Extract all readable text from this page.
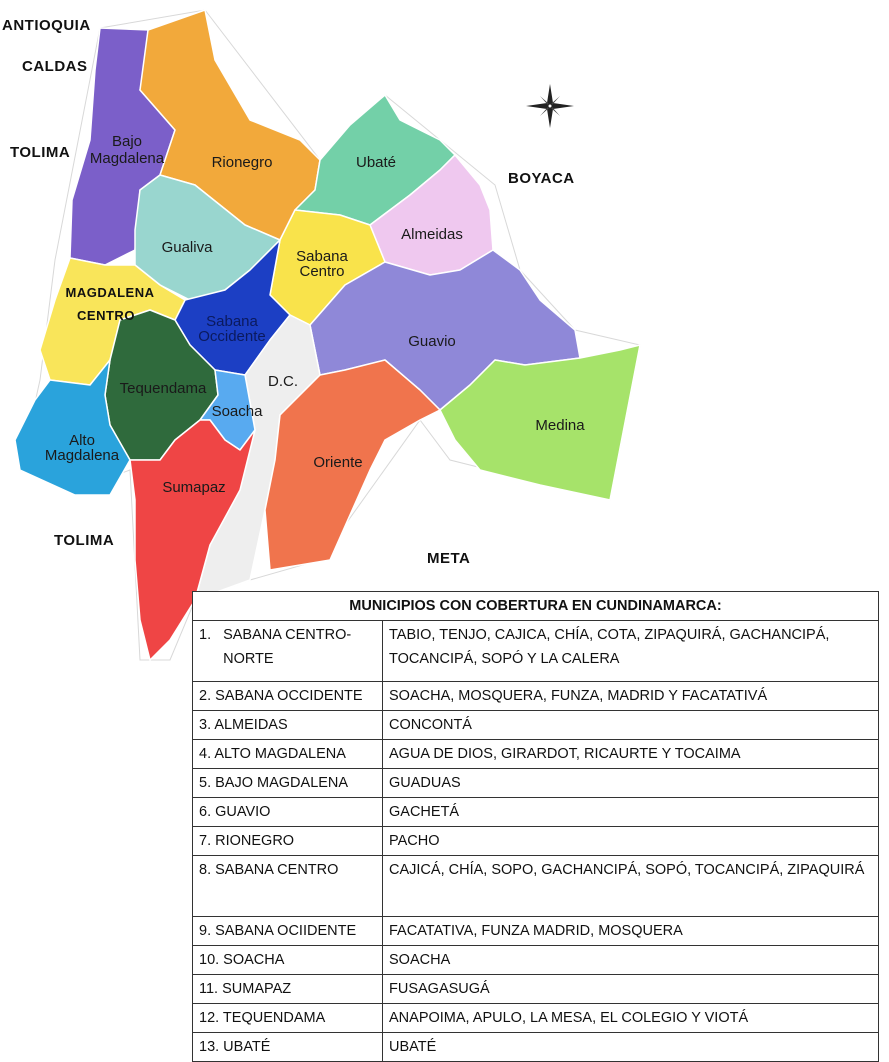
Bajo
Magdalena	Rionegro	Ubaté
Almeidas
Gualiva
Sabana
Centro
Sabana
Occidente	Guavio
D.C.
Tequendama
Soacha
Medina
Alto
Magdalena	Oriente
Sumapaz
MAGDALENA
CENTRO
ANTIOQUIA
CALDAS
TOLIMA
BOYACA
TOLIMA
META
MUNICIPIOS CON COBERTURA EN CUNDINAMARCA:	

1. SABANA CENTRO-NORTE	TABIO, TENJO, CAJICA, CHÍA, COTA, ZIPAQUIRÁ, GACHANCIPÁ, TOCANCIPÁ, SOPÓ Y LA CALERA
2. SABANA OCCIDENTE	SOACHA, MOSQUERA, FUNZA, MADRID Y FACATATIVÁ
3. ALMEIDAS	CONCONTÁ
4. ALTO MAGDALENA	AGUA DE DIOS, GIRARDOT, RICAURTE Y TOCAIMA
5. BAJO MAGDALENA	GUADUAS
6. GUAVIO	GACHETÁ
7. RIONEGRO	PACHO
8. SABANA CENTRO	CAJICÁ, CHÍA, SOPO, GACHANCIPÁ, SOPÓ, TOCANCIPÁ, ZIPAQUIRÁ
9. SABANA OCIIDENTE	FACATATIVA, FUNZA MADRID, MOSQUERA
10. SOACHA	SOACHA
11. SUMAPAZ	FUSAGASUGÁ
12. TEQUENDAMA	ANAPOIMA, APULO, LA MESA, EL COLEGIO Y VIOTÁ
13. UBATÉ	UBATÉ
